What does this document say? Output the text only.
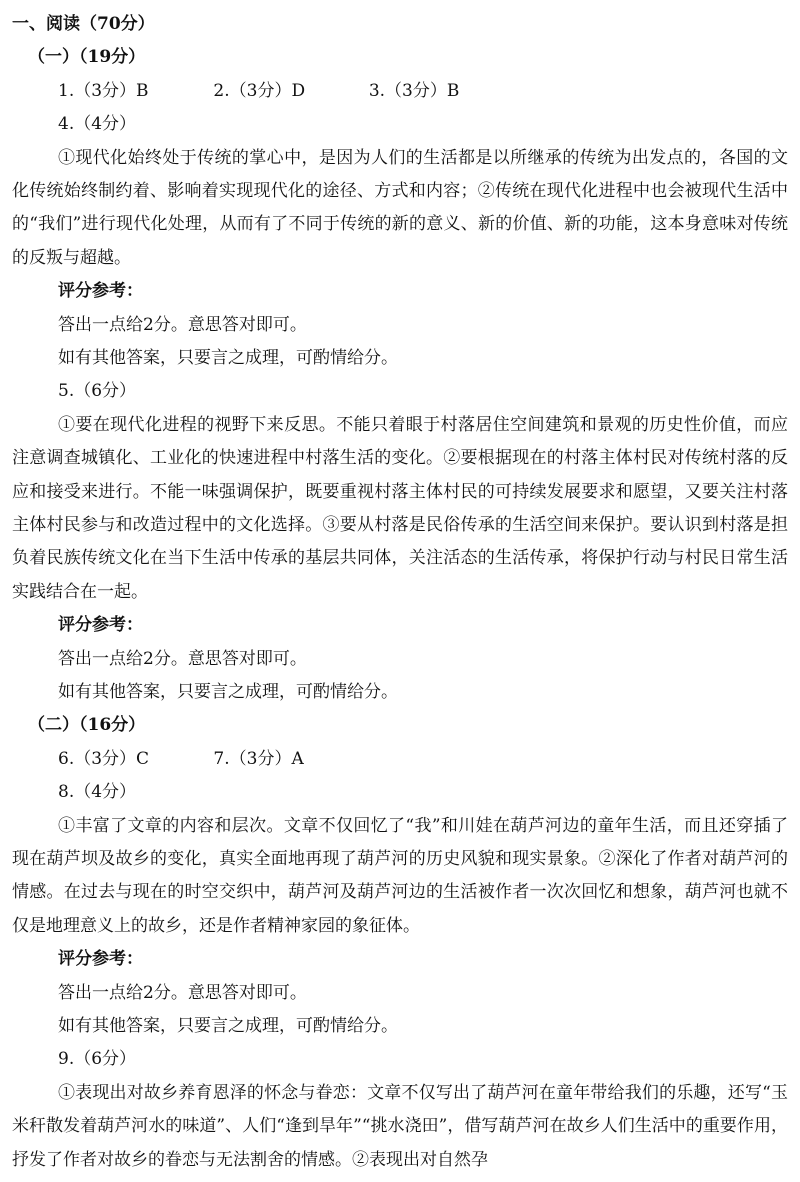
一、阅读（70分）
（一）（19分）
1.（3分）B	2.（3分）D	3.（3分）B
4.（4分）

①现代化始终处于传统的掌心中，是因为人们的生活都是以所继承的传统为出发点的，各国的文化传统始终制约着、影响着实现现代化的途径、方式和内容；②传统在现代化进程中也会被现代生活中的“我们”进行现代化处理，从而有了不同于传统的新的意义、新的价值、新的功能，这本身意味对传统的反叛与超越。

评分参考：
答出一点给2分。意思答对即可。
如有其他答案，只要言之成理，可酌情给分。
5.（6分）

①要在现代化进程的视野下来反思。不能只着眼于村落居住空间建筑和景观的历史性价值，而应注意调查城镇化、工业化的快速进程中村落生活的变化。②要根据现在的村落主体村民对传统村落的反应和接受来进行。不能一味强调保护，既要重视村落主体村民的可持续发展要求和愿望，又要关注村落主体村民参与和改造过程中的文化选择。③要从村落是民俗传承的生活空间来保护。要认识到村落是担负着民族传统文化在当下生活中传承的基层共同体，关注活态的生活传承，将保护行动与村民日常生活实践结合在一起。

评分参考：
答出一点给2分。意思答对即可。
如有其他答案，只要言之成理，可酌情给分。
（二）（16分）
6.（3分）C	7.（3分）A
8.（4分）

①丰富了文章的内容和层次。文章不仅回忆了“我”和川娃在葫芦河边的童年生活，而且还穿插了现在葫芦坝及故乡的变化，真实全面地再现了葫芦河的历史风貌和现实景象。②深化了作者对葫芦河的情感。在过去与现在的时空交织中，葫芦河及葫芦河边的生活被作者一次次回忆和想象，葫芦河也就不仅是地理意义上的故乡，还是作者精神家园的象征体。

评分参考：
答出一点给2分。意思答对即可。
如有其他答案，只要言之成理，可酌情给分。
9.（6分）

①表现出对故乡养育恩泽的怀念与眷恋：文章不仅写出了葫芦河在童年带给我们的乐趣，还写“玉米秆散发着葫芦河水的味道”、人们“逢到旱年”“挑水浇田”，借写葫芦河在故乡人们生活中的重要作用，抒发了作者对故乡的眷恋与无法割舍的情感。②表现出对自然孕
